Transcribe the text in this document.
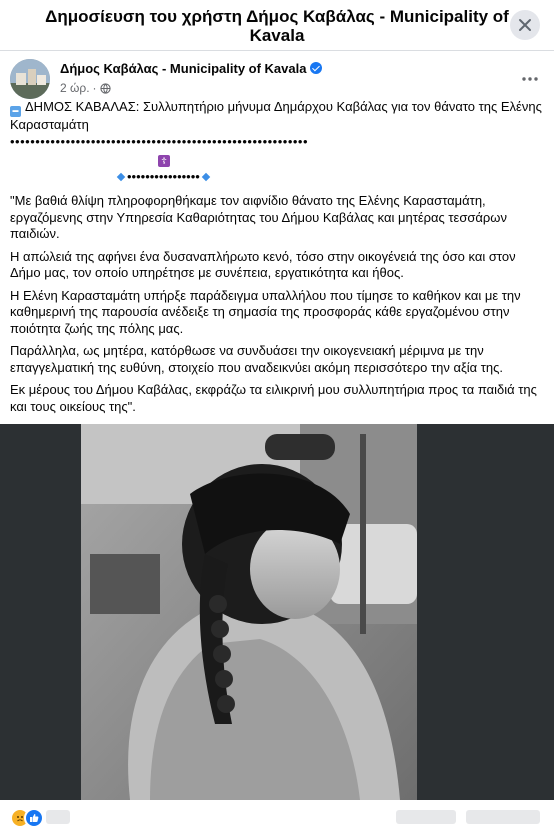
Δημοσίευση του χρήστη Δήμος Καβάλας - Municipality of Kavala
Δήμος Καβάλας - Municipality of Kavala
2 ώρ. ·

▬ ΔΗΜΟΣ ΚΑΒΑΛΑΣ: Συλλυπητήριο μήνυμα Δημάρχου Καβάλας για τον θάνατο της Ελένης Καρασταμάτη

•••••••••••••••••••••••••••••••••••••••••••••••••••••••••••

☦

••••••••••••••••

"Με βαθιά θλίψη πληροφορηθήκαμε τον αιφνίδιο θάνατο της Ελένης Καρασταμάτη, εργαζόμενης στην Υπηρεσία Καθαριότητας του Δήμου Καβάλας και μητέρας τεσσάρων παιδιών.

Η απώλειά της αφήνει ένα δυσαναπλήρωτο κενό, τόσο στην οικογένειά της όσο και στον Δήμο μας, τον οποίο υπηρέτησε με συνέπεια, εργατικότητα και ήθος.

Η Ελένη Καρασταμάτη υπήρξε παράδειγμα υπαλλήλου που τίμησε το καθήκον και με την καθημερινή της παρουσία ανέδειξε τη σημασία της προσφοράς κάθε εργαζομένου στην ποιότητα ζωής της πόλης μας.

Παράλληλα, ως μητέρα, κατόρθωσε να συνδυάσει την οικογενειακή μέριμνα με την επαγγελματική της ευθύνη, στοιχείο που αναδεικνύει ακόμη περισσότερο την αξία της.

Εκ μέρους του Δήμου Καβάλας, εκφράζω τα ειλικρινή μου συλλυπητήρια προς τα παιδιά της και τους οικείους της".
